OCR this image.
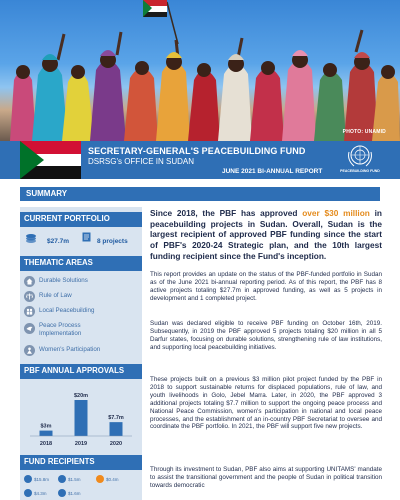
PHOTO: UNAMID
SECRETARY-GENERAL'S PEACEBUILDING FUND
DSRSG's OFFICE IN SUDAN
JUNE 2021 BI-ANNUAL REPORT	PEACEBUILDING FUND
SUMMARY
CURRENT PORTFOLIO
$27.7m	8 projects
THEMATIC AREAS
Durable Solutions
Rule of Law
Local Peacebuilding
Peace Process Implementation
Women's Participation
PBF ANNUAL APPROVALS
$3m
2018
$20m
2019
$7.7m
2020
FUND RECIPIENTS
$15.8m	$1.5m	$0.4m
$4.3m	$1.6m
Since 2018, the PBF has approved over $30 million in peacebuilding projects in Sudan. Overall, Sudan is the largest recipient of approved PBF funding since the start of PBF's 2020-24 Strategic plan, and the 10th largest funding recipient since the Fund's inception.
This report provides an update on the status of the PBF-funded portfolio in Sudan as of the June 2021 bi-annual reporting period. As of this report, the PBF has 8 active projects totaling $27.7m in approved funding, as well as 5 projects in development and 1 completed project.
Sudan was declared eligible to receive PBF funding on October 16th, 2019. Subsequently, in 2019 the PBF approved 5 projects totaling $20 million in all 5 Darfur states, focusing on durable solutions, strengthening rule of law institutions, and supporting local peacebuilding initiatives.
These projects built on a previous $3 million pilot project funded by the PBF in 2018 to support sustainable returns for displaced populations, rule of law, and youth livelihoods in Golo, Jebel Marra. Later, in 2020, the PBF approved 3 additional projects totaling $7.7 million to support the ongoing peace process and National Peace Commission, women's participation in national and local peace processes, and the establishment of an in-country PBF Secretariat to oversee and coordinate the PBF portfolio. In 2021, the PBF will support five new projects.
Through its investment to Sudan, PBF also aims at supporting UNITAMS' mandate to assist the transitional government and the people of Sudan in political transition towards democratic
